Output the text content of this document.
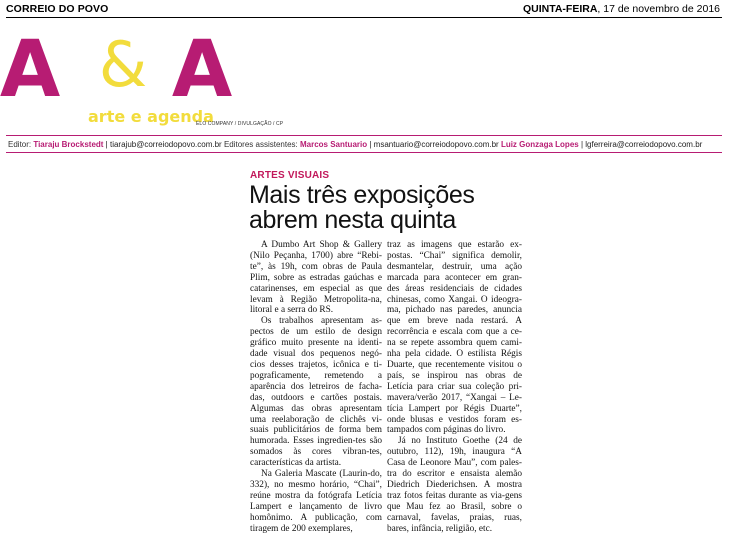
CORREIO DO POVO	QUINTA-FEIRA, 17 de novembro de 2016
A & A
arte e agenda
ELO COMPANY / DIVULGAÇÃO / CP
Editor: Tiaraju Brockstedt | tiarajub@correiodopovo.com.br Editores assistentes: Marcos Santuario | msantuario@correiodopovo.com.br Luiz Gonzaga Lopes | lgferreira@correiodopovo.com.br
ARTES VISUAIS
Mais três exposições
abrem nesta quinta

A Dumbo Art Shop & Gallery (Nilo Peçanha, 1700) abre “Rebi-te”, às 19h, com obras de Paula Plim, sobre as estradas gaúchas e catarinenses, em especial as que levam à Região Metropolita-na, litoral e a serra do RS.

Os trabalhos apresentam as-pectos de um estilo de design gráfico muito presente na identi-dade visual dos pequenos negó-cios desses trajetos, icônica e ti-pograficamente, remetendo a aparência dos letreiros de facha-das, outdoors e cartões postais. Algumas das obras apresentam uma reelaboração de clichês vi-suais publicitários de forma bem humorada. Esses ingredien-tes são somados às cores vibran-tes, características da artista.

Na Galeria Mascate (Laurin-do, 332), no mesmo horário, “Chai”, reúne mostra da fotógrafa Letícia Lampert e lançamento de livro homônimo. A publicação, com tiragem de 200 exemplares,

traz as imagens que estarão ex-postas. “Chai” significa demolir, desmantelar, destruir, uma ação marcada para acontecer em gran-des áreas residenciais de cidades chinesas, como Xangai. O ideogra-ma, pichado nas paredes, anuncia que em breve nada restará. A recorrência e escala com que a ce-na se repete assombra quem cami-nha pela cidade. O estilista Régis Duarte, que recentemente visitou o país, se inspirou nas obras de Letícia para criar sua coleção pri-mavera/verão 2017, “Xangai – Le-tícia Lampert por Régis Duarte”, onde blusas e vestidos foram es-tampados com páginas do livro.

Já no Instituto Goethe (24 de outubro, 112), 19h, inaugura “A Casa de Leonore Mau”, com pales-tra do escritor e ensaista alemão Diedrich Diederichsen. A mostra traz fotos feitas durante as via-gens que Mau fez ao Brasil, sobre o carnaval, favelas, praias, ruas, bares, infância, religião, etc.
